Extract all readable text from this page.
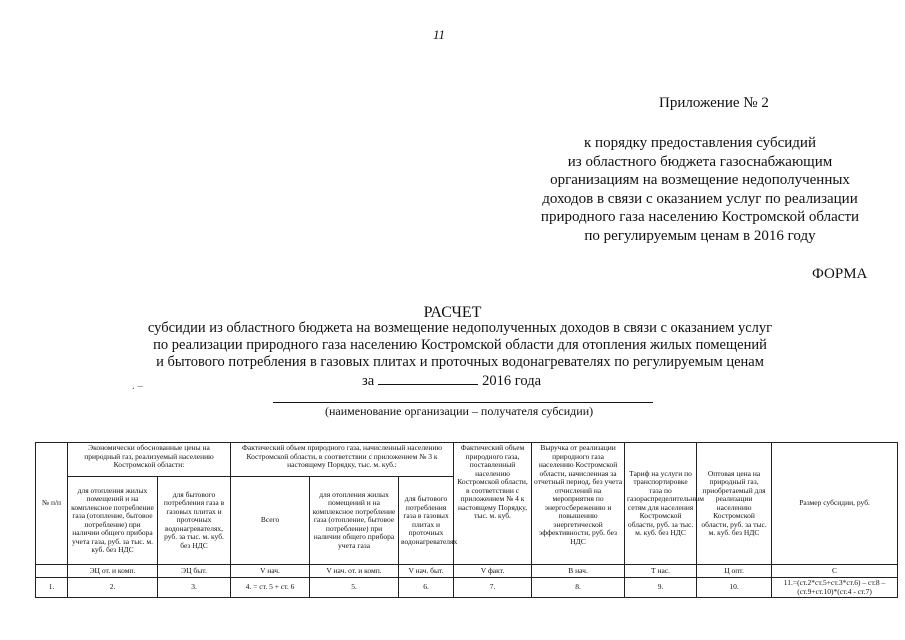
11
Приложение № 2
к порядку предоставления субсидий
из областного бюджета газоснабжающим
организациям на возмещение недополученных
доходов в связи с оказанием услуг по реализации
природного газа населению Костромской области
по регулируемым ценам в 2016 году
ФОРМА
РАСЧЕТ
субсидии из областного бюджета на возмещение недополученных доходов в связи с оказанием услуг
по реализации природного газа населению Костромской области для отопления жилых помещений
и бытового потребления в газовых плитах и проточных водонагревателях по регулируемым ценам
. –	за	2016 года
(наименование организации – получателя субсидии)
№ п/п	Экономически обоснованные цены на природный газ, реализуемый населению Костромской области:		Фактический объем природного газа, начисленный населению Костромской области, в соответствии с приложением № 3 к настоящему Порядку, тыс. м. куб.:			Фактический объем природного газа, поставленный населению Костромской области, в соответствии с приложением № 4 к настоящему Порядку, тыс. м. куб.	Выручка от реализации природного газа населению Костромской области, начисленная за отчетный период, без учета отчислений на мероприятия по энергосбережению и повышению энергетической эффективности, руб. без НДС	Тариф на услуги по транспортировке газа по газораспределительным сетям для населения Костромской области, руб. за тыс. м. куб. без НДС	Оптовая цена на природный газ, приобретаемый для реализации населению Костромской области, руб. за тыс. м. куб. без НДС	Размер субсидии, руб.
	для отопления жилых помещений и на комплексное потребление газа (отопление, бытовое потребление) при наличии общего прибора учета газа, руб. за тыс. м. куб. без НДС	для бытового потребления газа в газовых плитах и проточных водонагревателях, руб. за тыс. м. куб. без НДС	Всего	для отопления жилых помещений и на комплексное потребление газа (отопление, бытовое потребление) при наличии общего прибора учета газа	для бытового потребления газа в газовых плитах и проточных водонагревателях					
	ЭЦ от. и комп.	ЭЦ быт.	V нач.	V нач. от. и комп.	V нач. быт.	V факт.	В нач.	Т нас.	Ц опт.	С
1.	2.	3.	4. = ст. 5 + ст. 6	5.	6.	7.	8.	9.	10.	11.=(ст.2*ст.5+ст.3*ст.6) – ст.8 – (ст.9+ст.10)*(ст.4 - ст.7)
